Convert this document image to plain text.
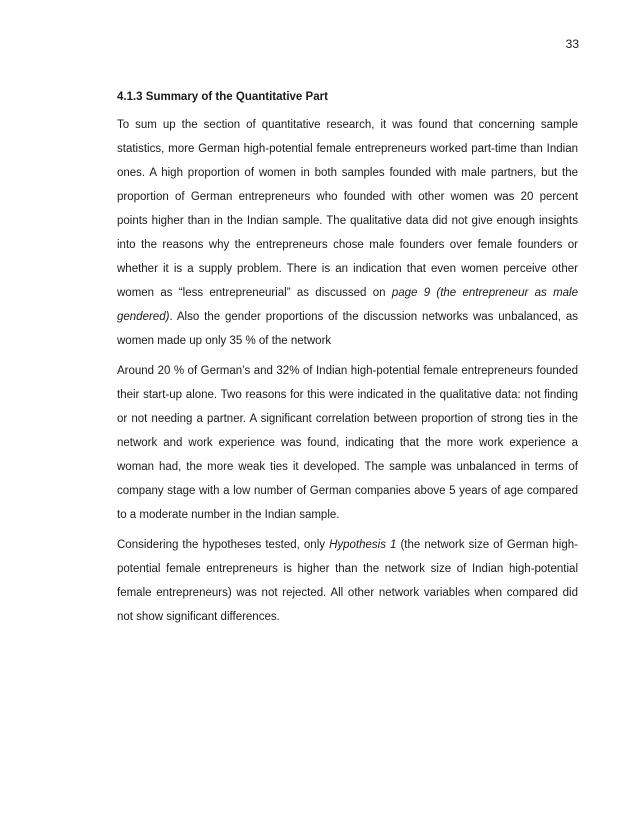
33
4.1.3 Summary of the Quantitative Part

To sum up the section of quantitative research, it was found that concerning sample statistics, more German high-potential female entrepreneurs worked part-time than Indian ones. A high proportion of women in both samples founded with male partners, but the proportion of German entrepreneurs who founded with other women was 20 percent points higher than in the Indian sample. The qualitative data did not give enough insights into the reasons why the entrepreneurs chose male founders over female founders or whether it is a supply problem. There is an indication that even women perceive other women as “less entrepreneurial” as discussed on page 9 (the entrepreneur as male gendered). Also the gender proportions of the discussion networks was unbalanced, as women made up only 35 % of the network

Around 20 % of German’s and 32% of Indian high-potential female entrepreneurs founded their start-up alone. Two reasons for this were indicated in the qualitative data: not finding or not needing a partner. A significant correlation between proportion of strong ties in the network and work experience was found, indicating that the more work experience a woman had, the more weak ties it developed. The sample was unbalanced in terms of company stage with a low number of German companies above 5 years of age compared to a moderate number in the Indian sample.

Considering the hypotheses tested, only Hypothesis 1 (the network size of German high-potential female entrepreneurs is higher than the network size of Indian high-potential female entrepreneurs) was not rejected. All other network variables when compared did not show significant differences.
